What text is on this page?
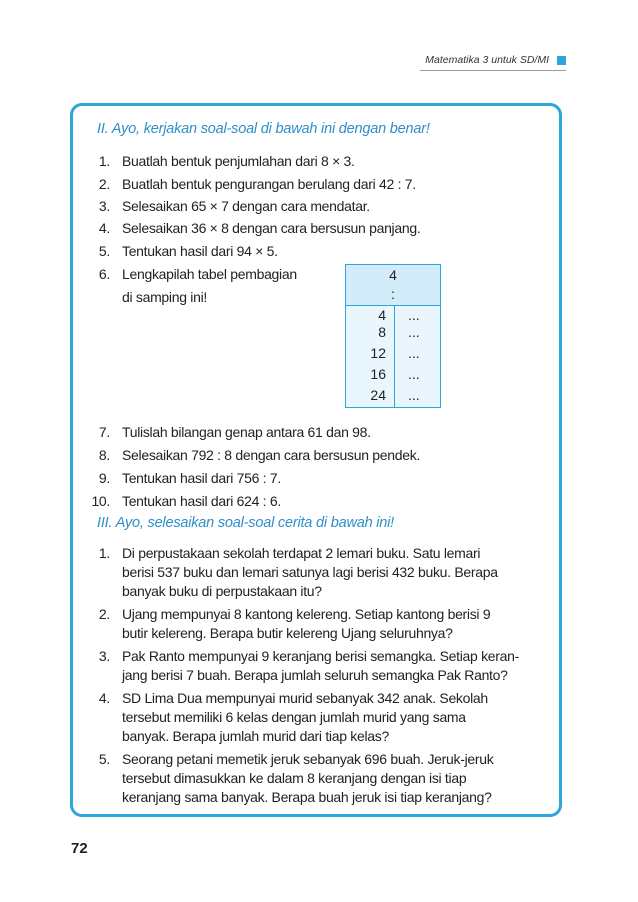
Matematika 3 untuk SD/MI
II. Ayo, kerjakan soal-soal di bawah ini dengan benar!
1. Buatlah bentuk penjumlahan dari 8 × 3.
2. Buatlah bentuk pengurangan berulang dari 42 : 7.
3. Selesaikan 65 × 7 dengan cara mendatar.
4. Selesaikan 36 × 8 dengan cara bersusun panjang.
5. Tentukan hasil dari 94 × 5.
6. Lengkapilah tabel pembagian
di samping ini!
4
:
4 ...
8 ...
12 ...
16 ...
24 ...
7. Tulislah bilangan genap antara 61 dan 98.
8. Selesaikan 792 : 8 dengan cara bersusun pendek.
9. Tentukan hasil dari 756 : 7.
10. Tentukan hasil dari 624 : 6.
III. Ayo, selesaikan soal-soal cerita di bawah ini!
1. Di perpustakaan sekolah terdapat 2 lemari buku. Satu lemari
berisi 537 buku dan lemari satunya lagi berisi 432 buku. Berapa
banyak buku di perpustakaan itu?
2. Ujang mempunyai 8 kantong kelereng. Setiap kantong berisi 9
butir kelereng. Berapa butir kelereng Ujang seluruhnya?
3. Pak Ranto mempunyai 9 keranjang berisi semangka. Setiap keran-
jang berisi 7 buah. Berapa jumlah seluruh semangka Pak Ranto?
4. SD Lima Dua mempunyai murid sebanyak 342 anak. Sekolah
tersebut memiliki 6 kelas dengan jumlah murid yang sama
banyak. Berapa jumlah murid dari tiap kelas?
5. Seorang petani memetik jeruk sebanyak 696 buah. Jeruk-jeruk
tersebut dimasukkan ke dalam 8 keranjang dengan isi tiap
keranjang sama banyak. Berapa buah jeruk isi tiap keranjang?
72
